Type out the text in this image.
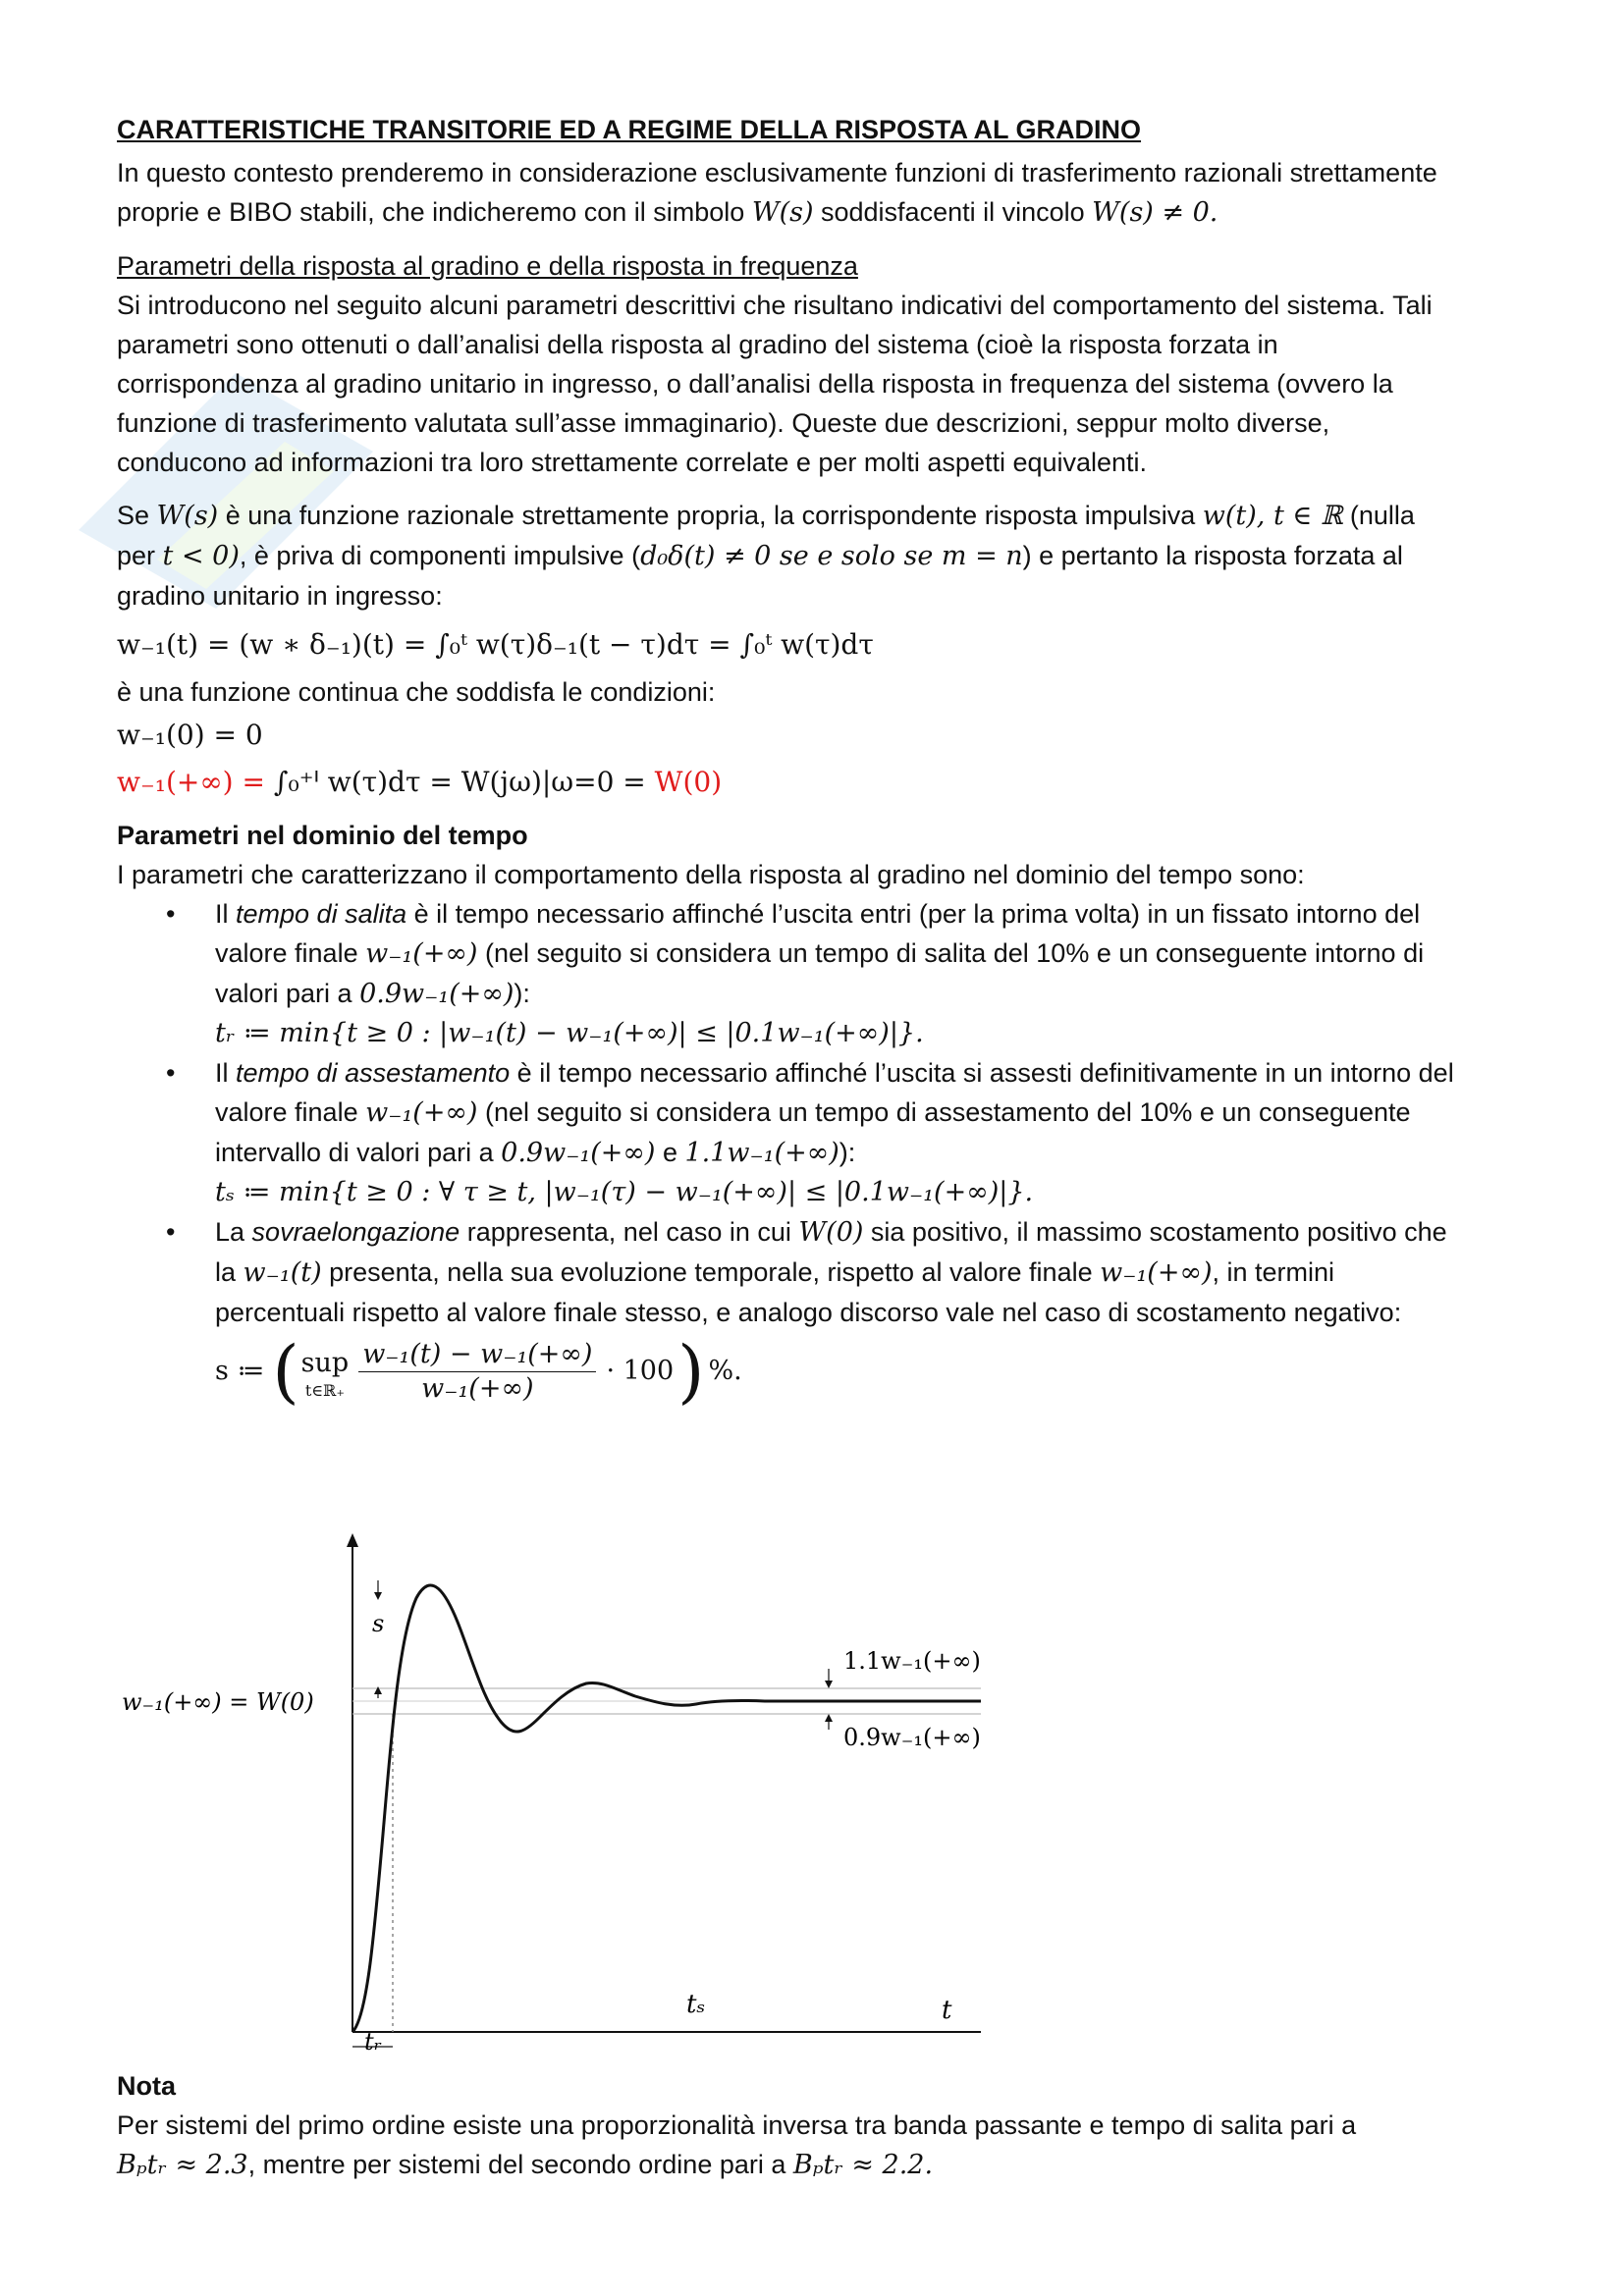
CARATTERISTICHE TRANSITORIE ED A REGIME DELLA RISPOSTA AL GRADINO
In questo contesto prenderemo in considerazione esclusivamente funzioni di trasferimento razionali strettamente
proprie e BIBO stabili, che indicheremo con il simbolo W(s) soddisfacenti il vincolo W(s) ≠ 0.
Parametri della risposta al gradino e della risposta in frequenza
Si introducono nel seguito alcuni parametri descrittivi che risultano indicativi del comportamento del sistema. Tali
parametri sono ottenuti o dall’analisi della risposta al gradino del sistema (cioè la risposta forzata in
corrispondenza al gradino unitario in ingresso, o dall’analisi della risposta in frequenza del sistema (ovvero la
funzione di trasferimento valutata sull’asse immaginario). Queste due descrizioni, seppur molto diverse,
conducono ad informazioni tra loro strettamente correlate e per molti aspetti equivalenti.
Se W(s) è una funzione razionale strettamente propria, la corrispondente risposta impulsiva w(t), t ∈ ℝ (nulla
per t < 0), è priva di componenti impulsive (d₀δ(t) ≠ 0 se e solo se m = n) e pertanto la risposta forzata al
gradino unitario in ingresso:
w₋₁(t) = (w ∗ δ₋₁)(t) = ∫₀ᵗ w(τ)δ₋₁(t − τ)dτ = ∫₀ᵗ w(τ)dτ
è una funzione continua che soddisfa le condizioni:
w₋₁(0) = 0
w₋₁(+∞) = ∫₀⁺ᑊ w(τ)dτ = W(jω)|ω=0 = W(0)
Parametri nel dominio del tempo
I parametri che caratterizzano il comportamento della risposta al gradino nel dominio del tempo sono:
• Il tempo di salita è il tempo necessario affinché l’uscita entri (per la prima volta) in un fissato intorno del
valore finale w₋₁(+∞) (nel seguito si considera un tempo di salita del 10% e un conseguente intorno di
valori pari a 0.9w₋₁(+∞)):
tᵣ ≔ min{t ≥ 0 : |w₋₁(t) − w₋₁(+∞)| ≤ |0.1w₋₁(+∞)|}.
• Il tempo di assestamento è il tempo necessario affinché l’uscita si assesti definitivamente in un intorno del
valore finale w₋₁(+∞) (nel seguito si considera un tempo di assestamento del 10% e un conseguente
intervallo di valori pari a 0.9w₋₁(+∞) e 1.1w₋₁(+∞)):
tₛ ≔ min{t ≥ 0 : ∀ τ ≥ t, |w₋₁(τ) − w₋₁(+∞)| ≤ |0.1w₋₁(+∞)|}.
• La sovraelongazione rappresenta, nel caso in cui W(0) sia positivo, il massimo scostamento positivo che
la w₋₁(t) presenta, nella sua evoluzione temporale, rispetto al valore finale w₋₁(+∞), in termini
percentuali rispetto al valore finale stesso, e analogo discorso vale nel caso di scostamento negativo:
s ≔ ( sup
t∈ℝ₊
w₋₁(t) − w₋₁(+∞)
w₋₁(+∞)
· 100 ) %.
s
w₋₁(+∞) = W(0)
1.1w₋₁(+∞)
0.9w₋₁(+∞)
tₛ	t
tᵣ
Nota
Per sistemi del primo ordine esiste una proporzionalità inversa tra banda passante e tempo di salita pari a
Bₚtᵣ ≈ 2.3, mentre per sistemi del secondo ordine pari a Bₚtᵣ ≈ 2.2.
